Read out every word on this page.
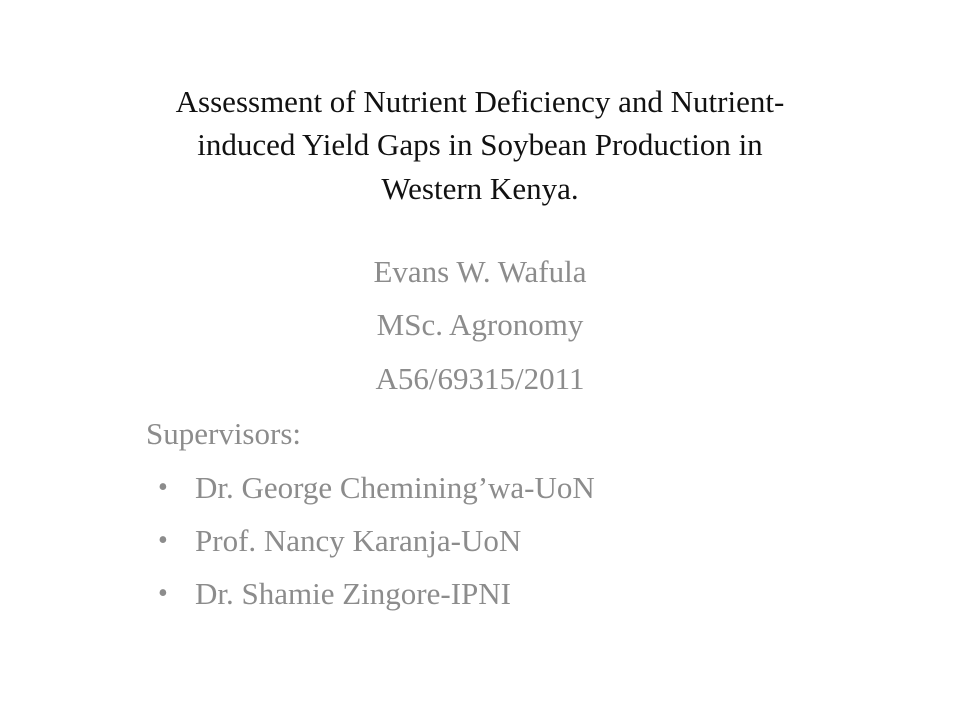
Assessment of Nutrient Deficiency and Nutrient-
induced Yield Gaps in Soybean Production in
Western Kenya.
Evans W. Wafula
MSc. Agronomy
A56/69315/2011
Supervisors:
• Dr. George Chemining’wa-UoN
• Prof. Nancy Karanja-UoN
• Dr. Shamie Zingore-IPNI
